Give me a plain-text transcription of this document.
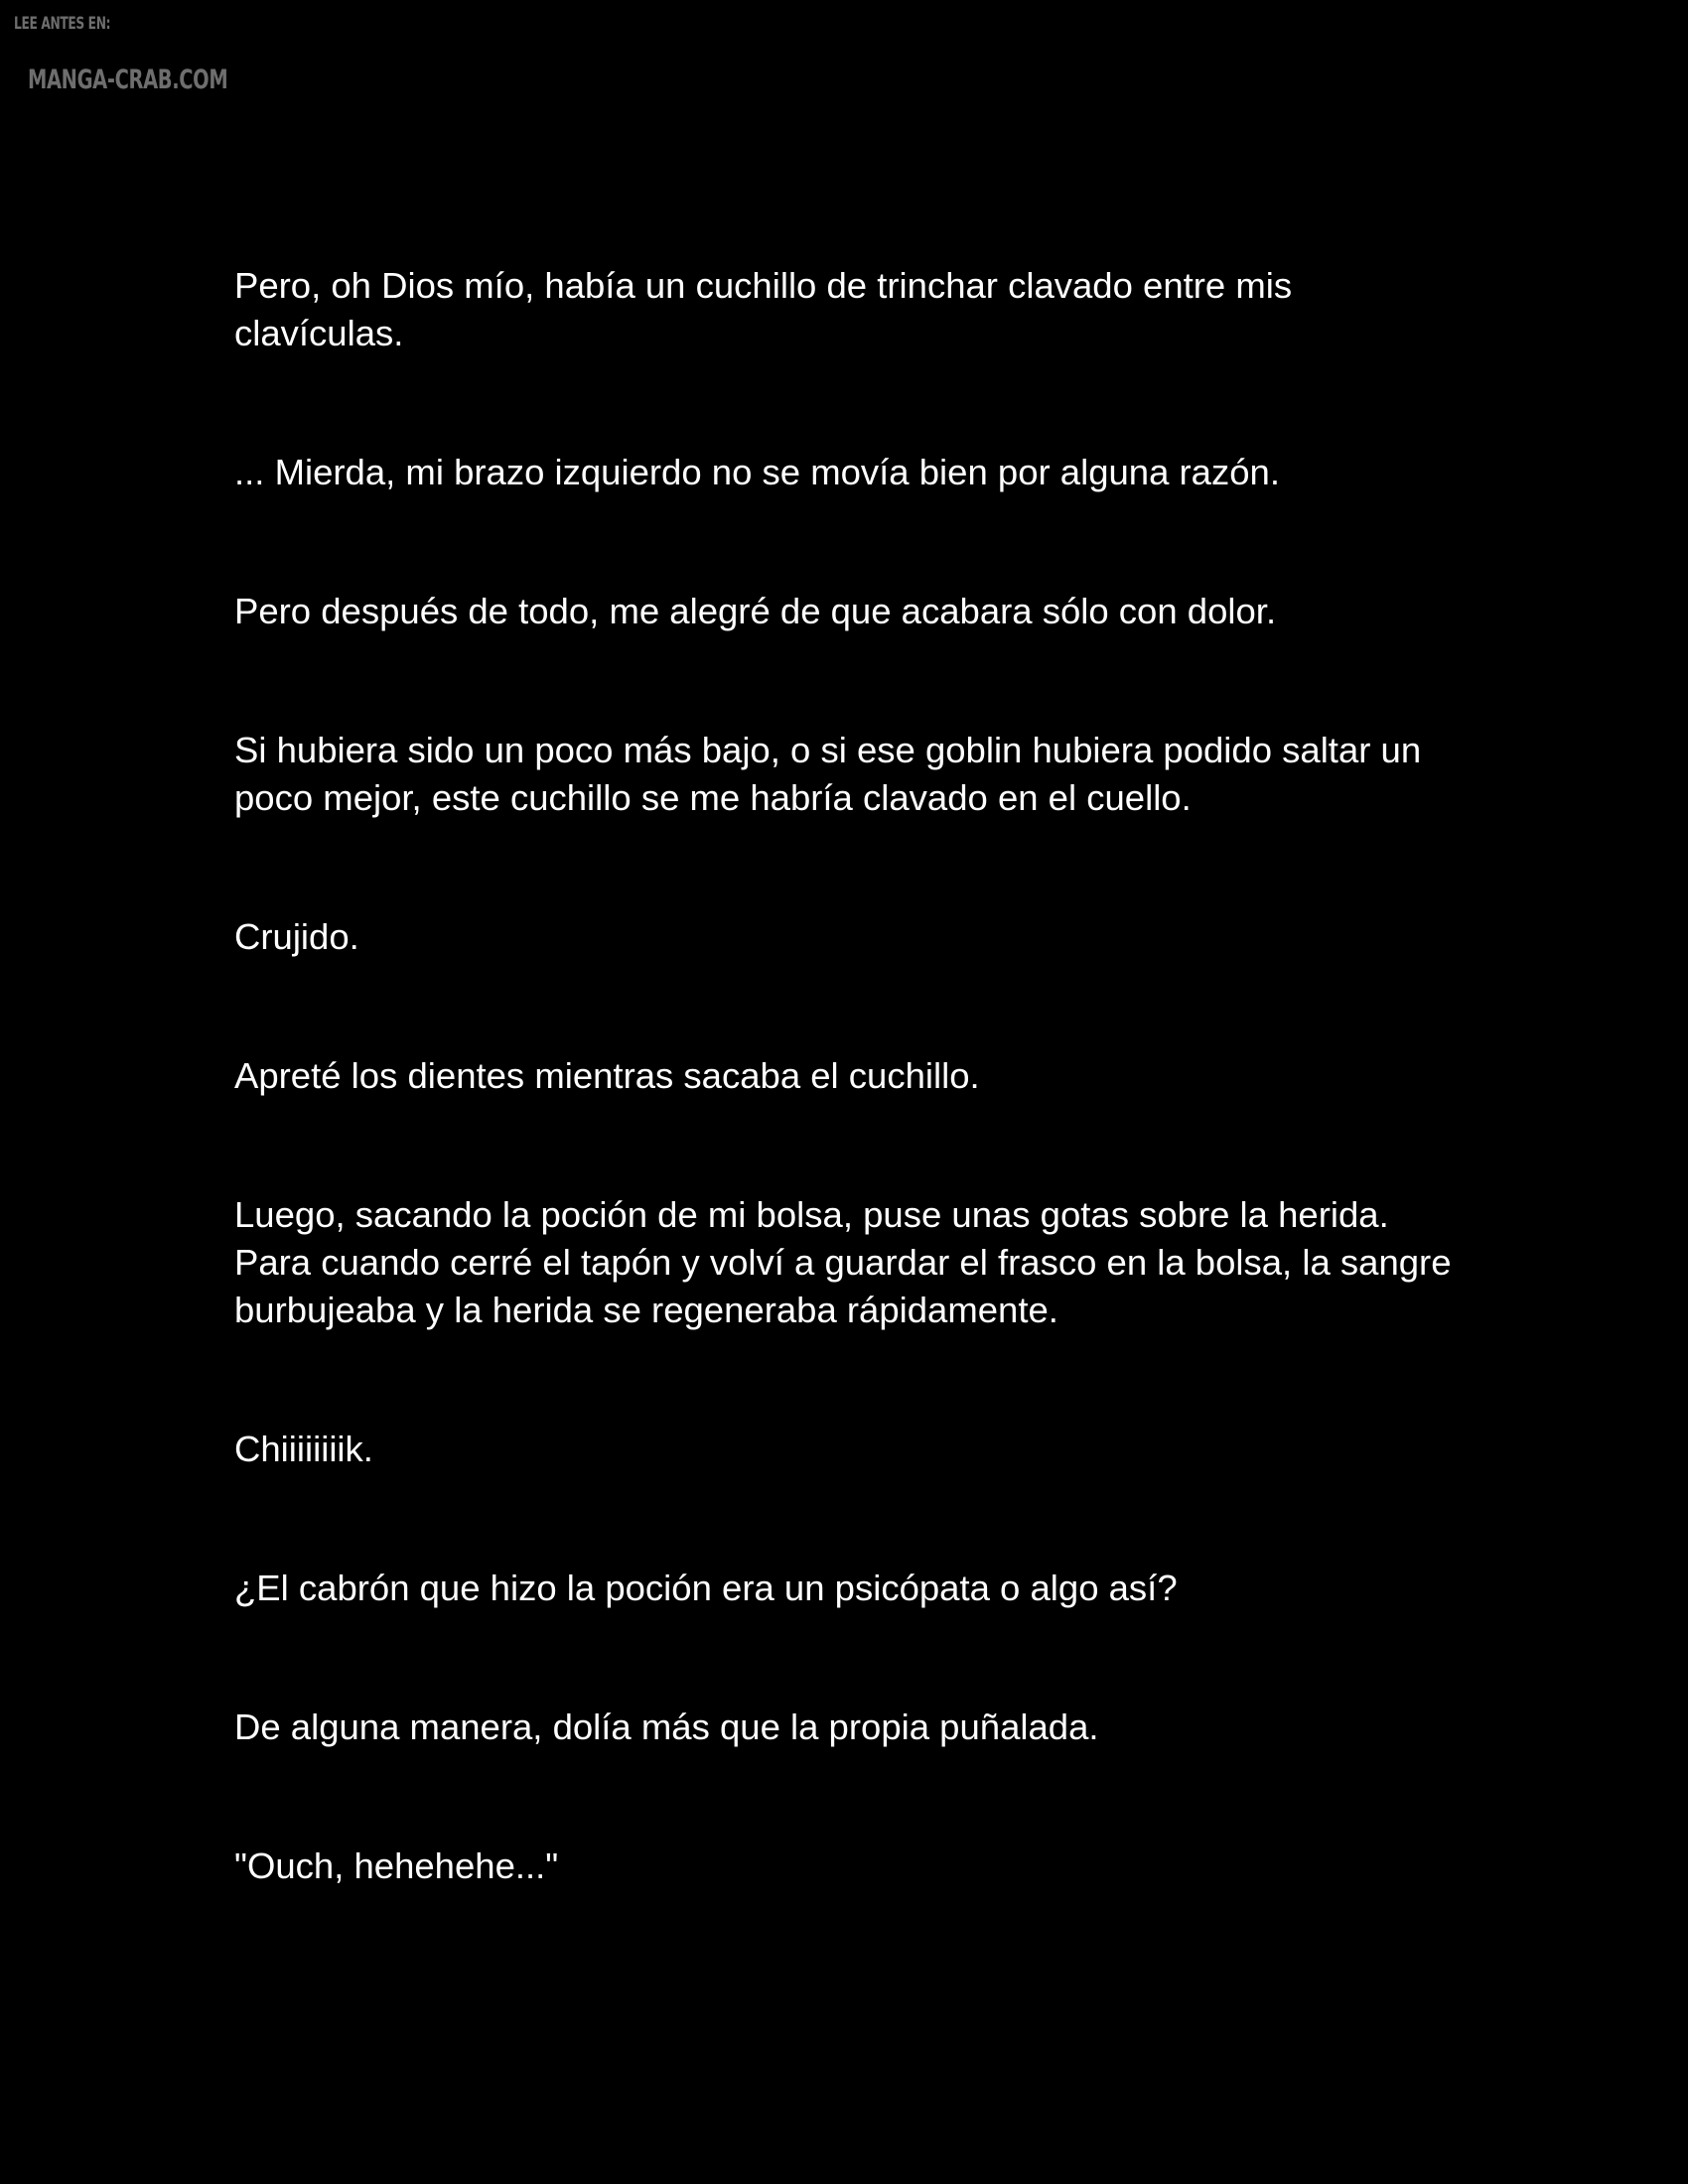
LEE ANTES EN:
MANGA-CRAB.COM

Pero, oh Dios mío, había un cuchillo de trinchar clavado entre mis clavículas.

... Mierda, mi brazo izquierdo no se movía bien por alguna razón.

Pero después de todo, me alegré de que acabara sólo con dolor.

Si hubiera sido un poco más bajo, o si ese goblin hubiera podido saltar un poco mejor, este cuchillo se me habría clavado en el cuello.

Crujido.

Apreté los dientes mientras sacaba el cuchillo.

Luego, sacando la poción de mi bolsa, puse unas gotas sobre la herida. Para cuando cerré el tapón y volví a guardar el frasco en la bolsa, la sangre burbujeaba y la herida se regeneraba rápidamente.

Chiiiiiiiik.

¿El cabrón que hizo la poción era un psicópata o algo así?

De alguna manera, dolía más que la propia puñalada.

"Ouch, hehehehe..."
